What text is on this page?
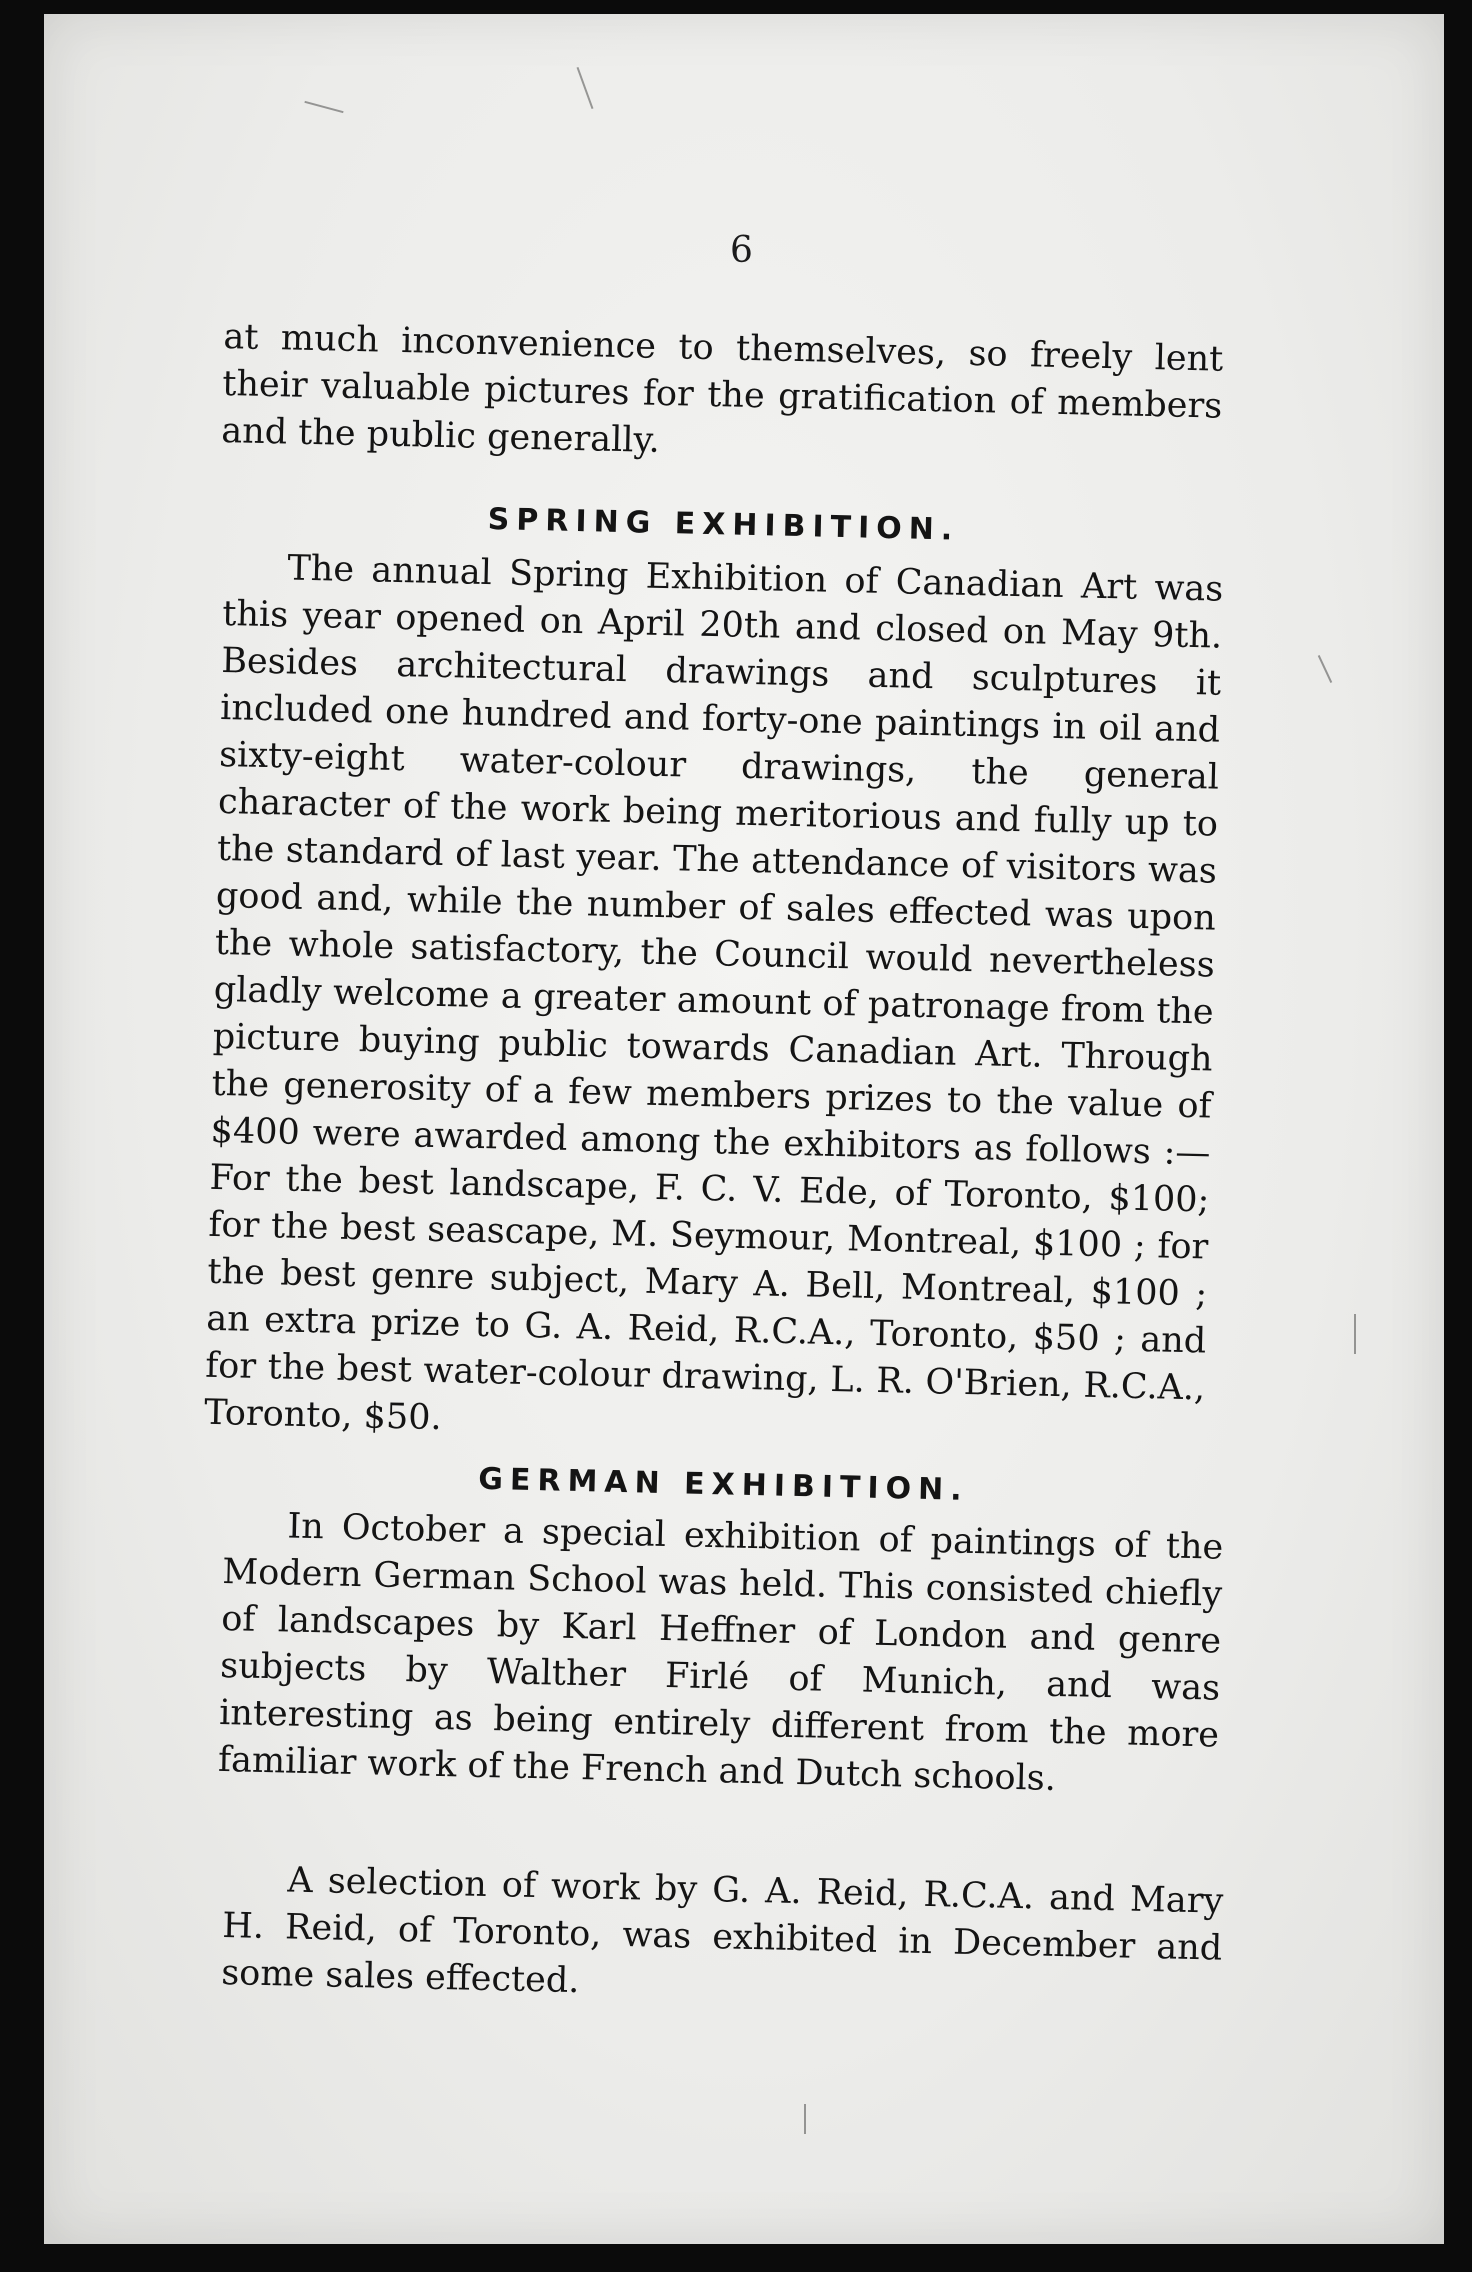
6

at much inconvenience to themselves, so freely lent their valuable pictures for the gratification of members and the public generally.

SPRING EXHIBITION.

The annual Spring Exhibition of Canadian Art was this year opened on April 20th and closed on May 9th. Besides architectural drawings and sculptures it included one hundred and forty-one paintings in oil and sixty-eight water-colour drawings, the general character of the work being meritorious and fully up to the standard of last year. The attendance of visitors was good and, while the number of sales effected was upon the whole satisfactory, the Council would nevertheless gladly welcome a greater amount of patronage from the picture buying public towards Canadian Art. Through the generosity of a few members prizes to the value of $400 were awarded among the exhibitors as follows :— For the best landscape, F. C. V. Ede, of Toronto, $100; for the best seascape, M. Seymour, Montreal, $100 ; for the best genre subject, Mary A. Bell, Montreal, $100 ; an extra prize to G. A. Reid, R.C.A., Toronto, $50 ; and for the best water-colour drawing, L. R. O'Brien, R.C.A., Toronto, $50.

GERMAN EXHIBITION.

In October a special exhibition of paintings of the Modern German School was held. This consisted chiefly of landscapes by Karl Heffner of London and genre subjects by Walther Firlé of Munich, and was interesting as being entirely different from the more familiar work of the French and Dutch schools.

A selection of work by G. A. Reid, R.C.A. and Mary H. Reid, of Toronto, was exhibited in December and some sales effected.
